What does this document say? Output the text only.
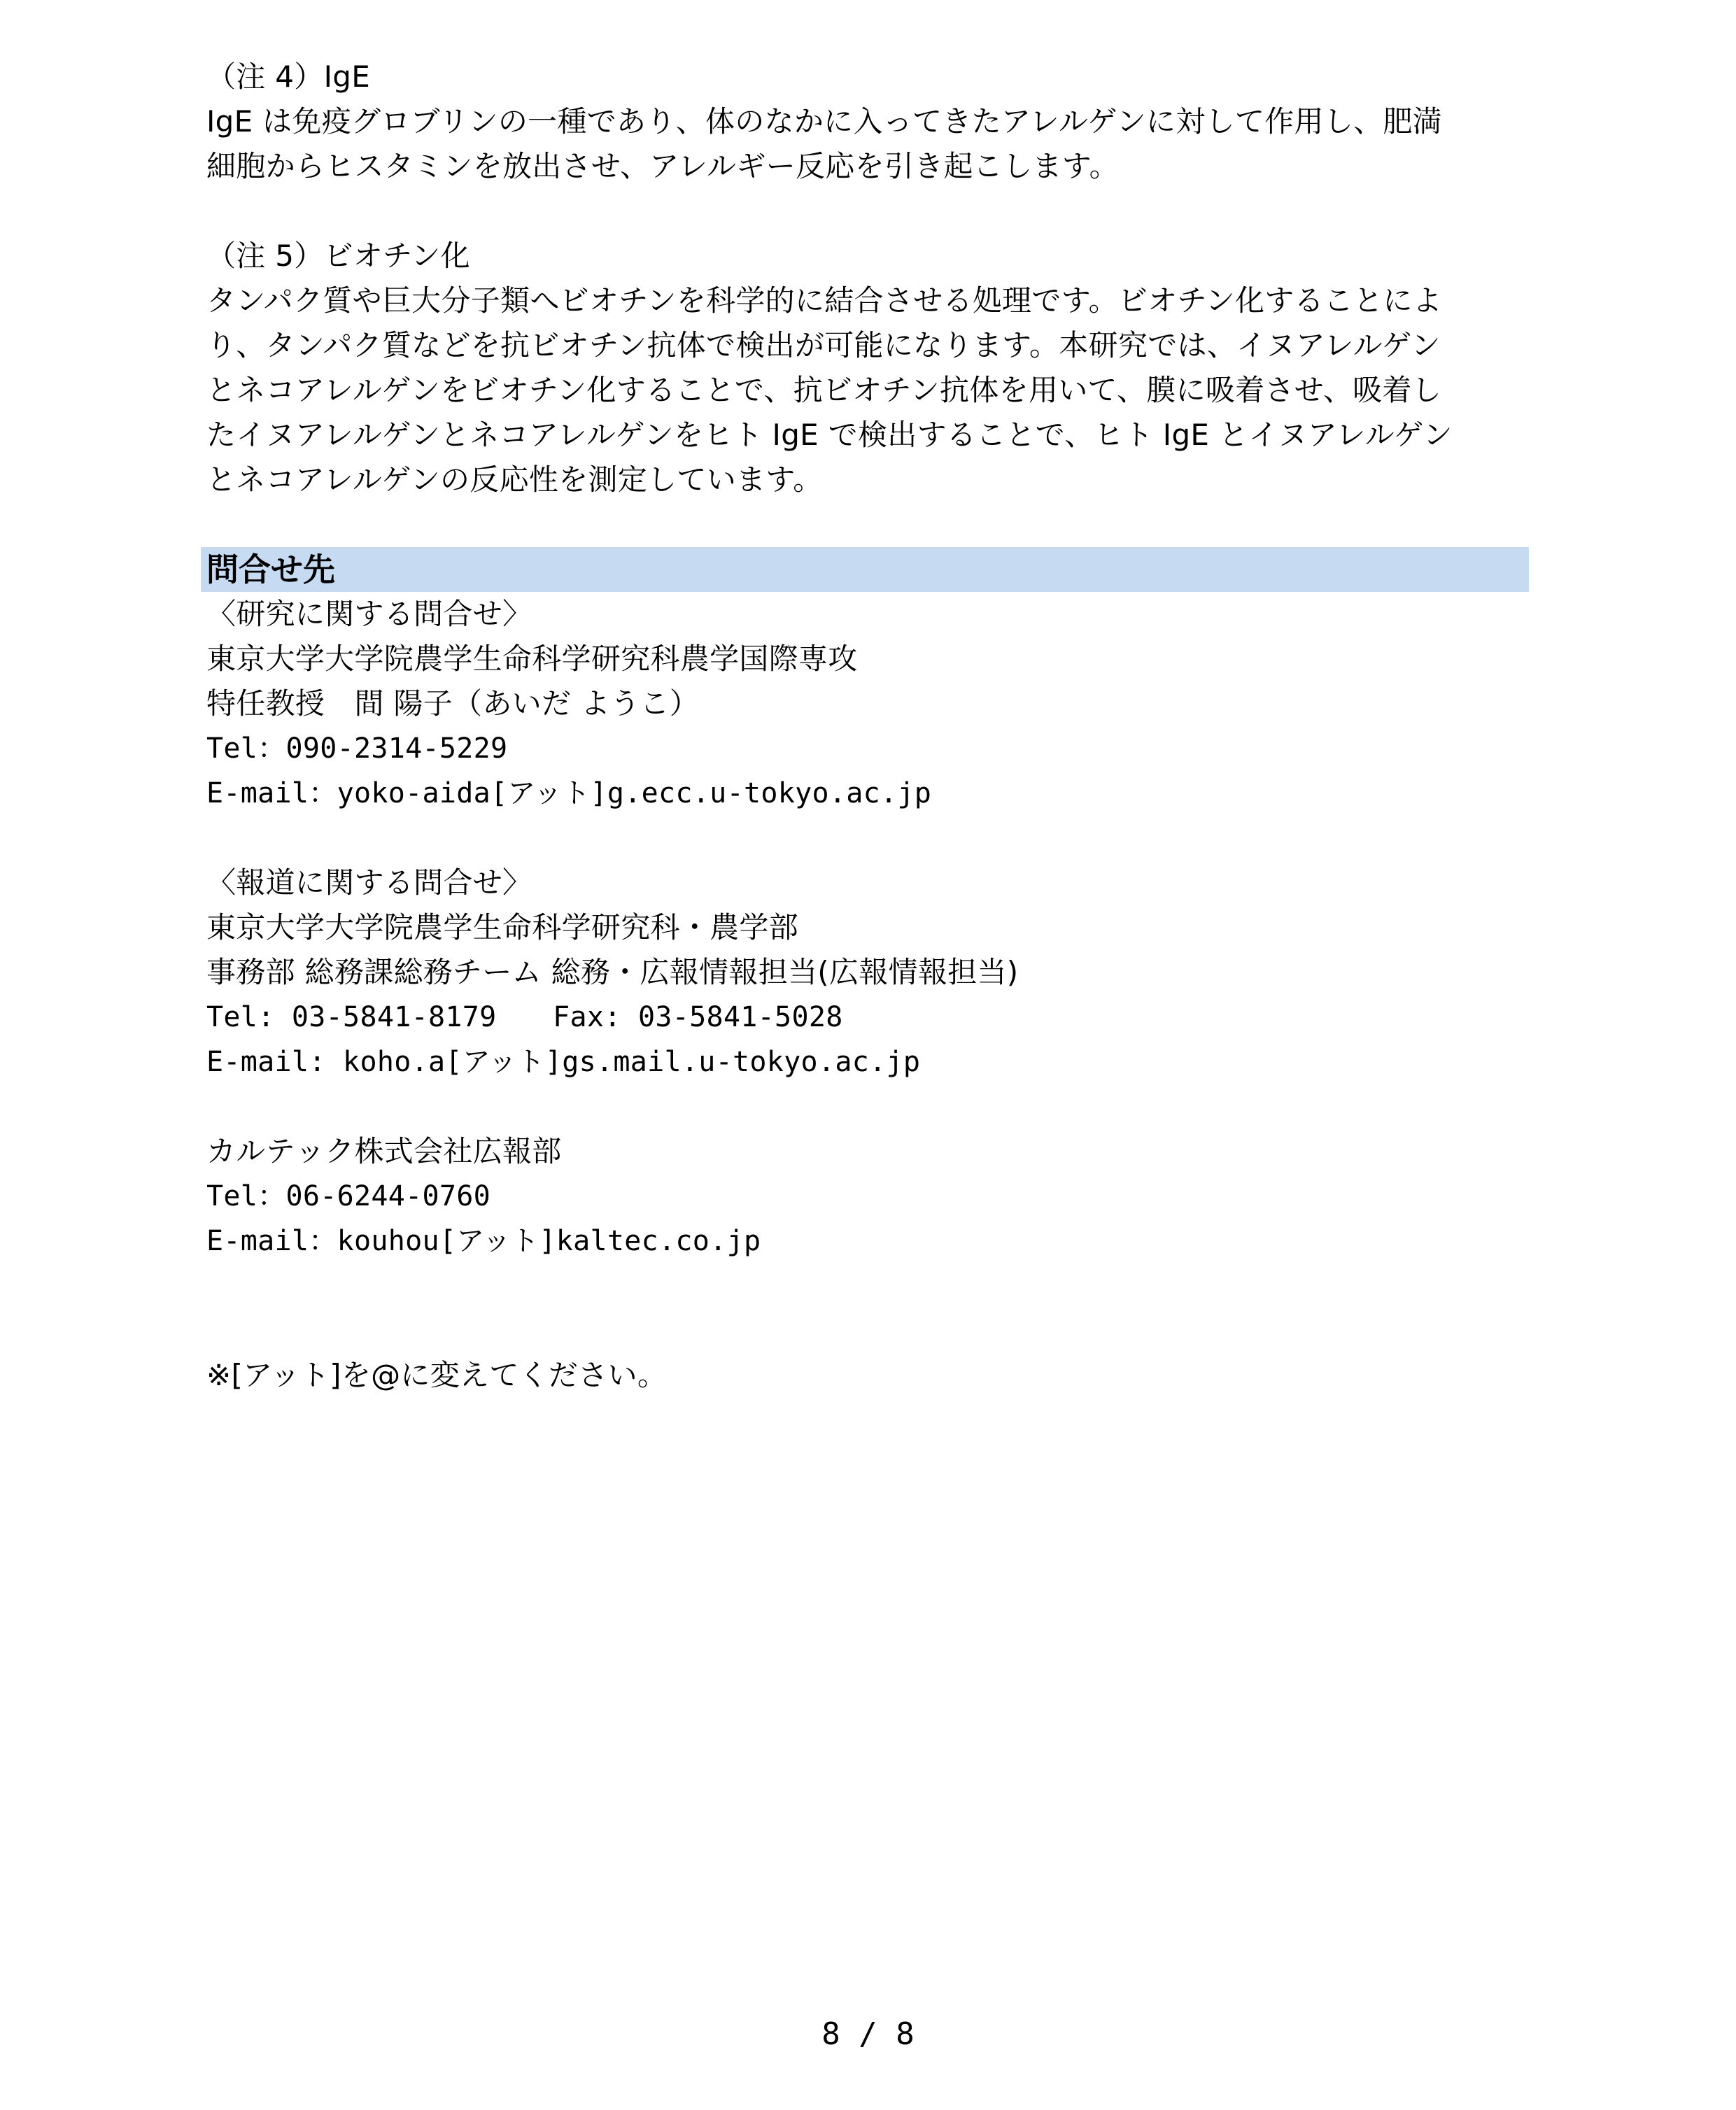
（注 4）IgE
IgE は免疫グロブリンの一種であり、体のなかに入ってきたアレルゲンに対して作用し、肥満
細胞からヒスタミンを放出させ、アレルギー反応を引き起こします。
（注 5）ビオチン化
タンパク質や巨大分子類へビオチンを科学的に結合させる処理です。ビオチン化することによ
り、タンパク質などを抗ビオチン抗体で検出が可能になります。本研究では、イヌアレルゲン
とネコアレルゲンをビオチン化することで、抗ビオチン抗体を用いて、膜に吸着させ、吸着し
たイヌアレルゲンとネコアレルゲンをヒト IgE で検出することで、ヒト IgE とイヌアレルゲン
とネコアレルゲンの反応性を測定しています。
問合せ先
〈研究に関する問合せ〉
東京大学大学院農学生命科学研究科農学国際専攻
特任教授　間 陽子（あいだ ようこ）
Tel：090-2314-5229
E-mail：yoko-aida[アット]g.ecc.u-tokyo.ac.jp
〈報道に関する問合せ〉
東京大学大学院農学生命科学研究科・農学部
事務部 総務課総務チーム 総務・広報情報担当(広報情報担当)
Tel: 03-5841-8179　　Fax: 03-5841-5028
E-mail: koho.a[アット]gs.mail.u-tokyo.ac.jp
カルテック株式会社広報部
Tel：06-6244-0760
E-mail：kouhou[アット]kaltec.co.jp
※[アット]を@に変えてください。
8 / 8
